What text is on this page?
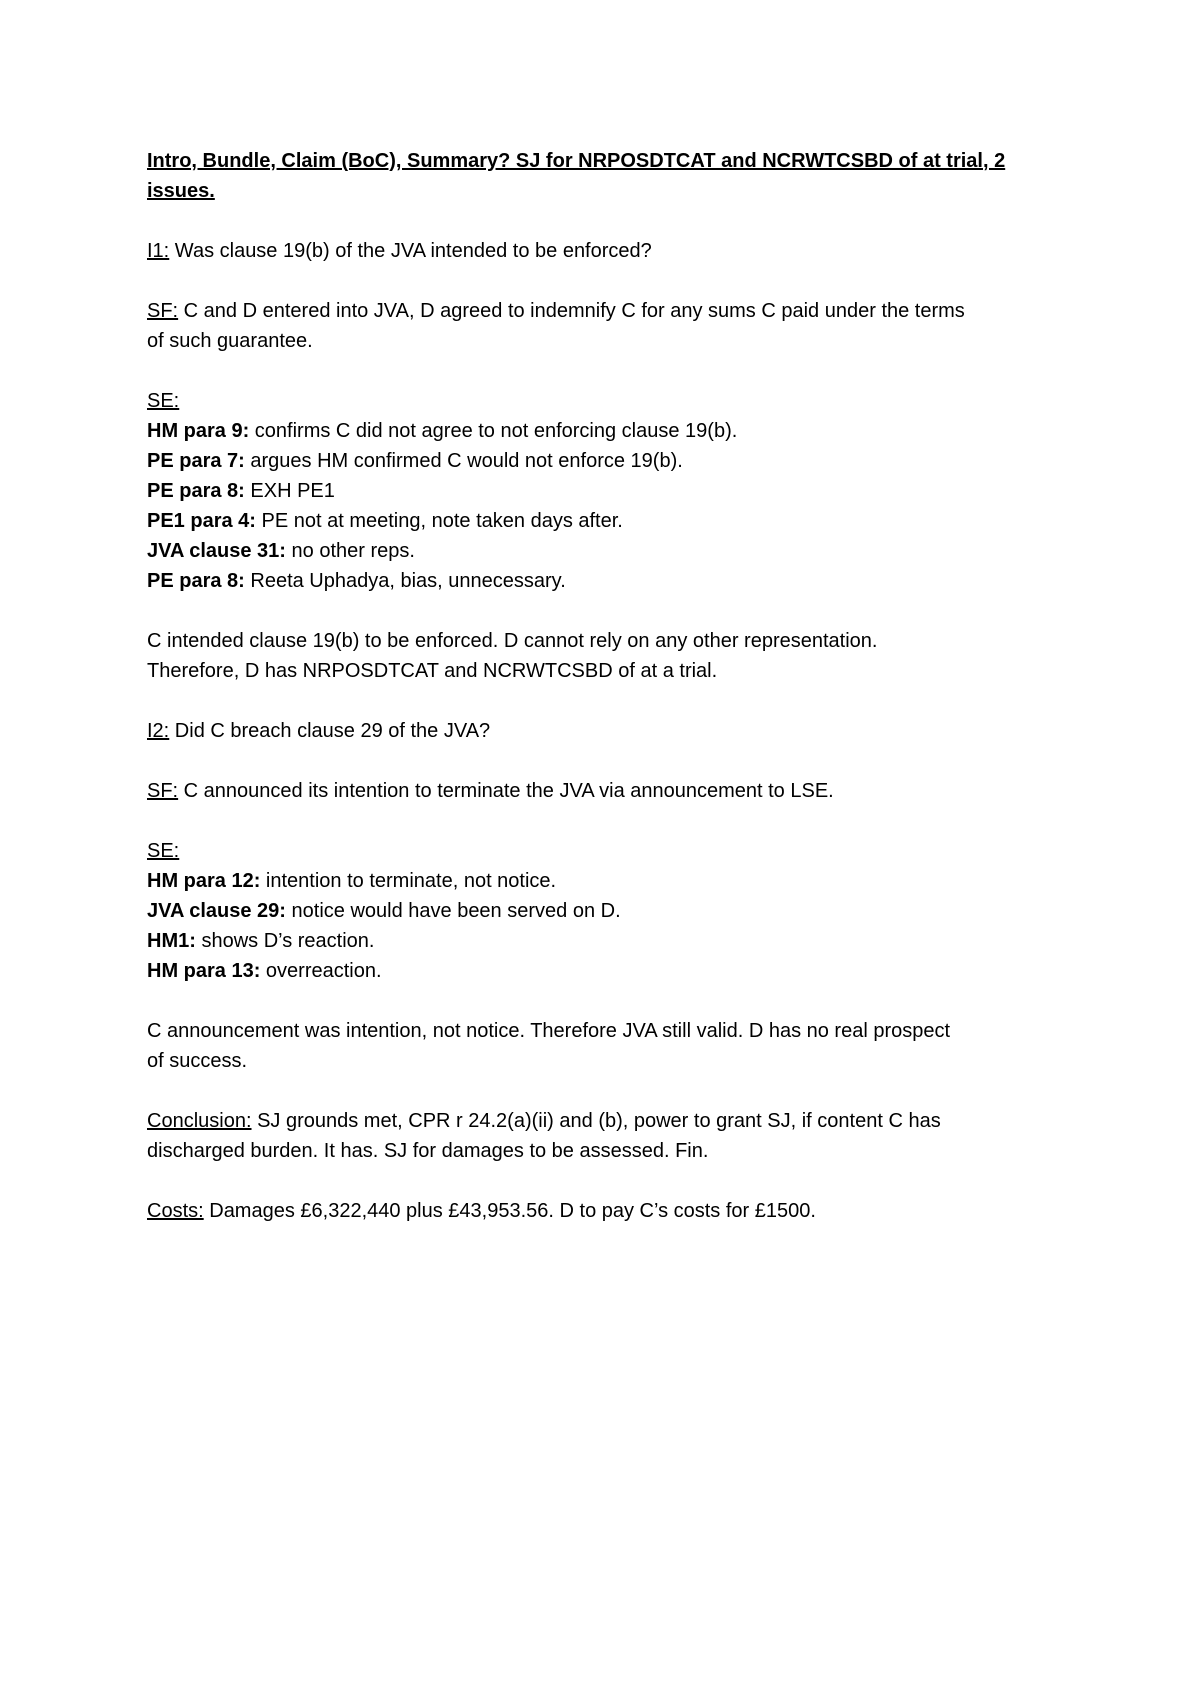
Intro, Bundle, Claim (BoC), Summary? SJ for NRPOSDTCAT and NCRWTCSBD of at trial, 2

issues.

I1: Was clause 19(b) of the JVA intended to be enforced?

SF: C and D entered into JVA, D agreed to indemnify C for any sums C paid under the terms

of such guarantee.

SE:

HM para 9: confirms C did not agree to not enforcing clause 19(b).

PE para 7: argues HM confirmed C would not enforce 19(b).

PE para 8: EXH PE1

PE1 para 4: PE not at meeting, note taken days after.

JVA clause 31: no other reps.

PE para 8: Reeta Uphadya, bias, unnecessary.

C intended clause 19(b) to be enforced. D cannot rely on any other representation.

Therefore, D has NRPOSDTCAT and NCRWTCSBD of at a trial.

I2: Did C breach clause 29 of the JVA?

SF: C announced its intention to terminate the JVA via announcement to LSE.

SE:

HM para 12: intention to terminate, not notice.

JVA clause 29: notice would have been served on D.

HM1: shows D’s reaction.

HM para 13: overreaction.

C announcement was intention, not notice. Therefore JVA still valid. D has no real prospect

of success.

Conclusion: SJ grounds met, CPR r 24.2(a)(ii) and (b), power to grant SJ, if content C has

discharged burden. It has. SJ for damages to be assessed. Fin.

Costs: Damages £6,322,440 plus £43,953.56. D to pay C’s costs for £1500.
